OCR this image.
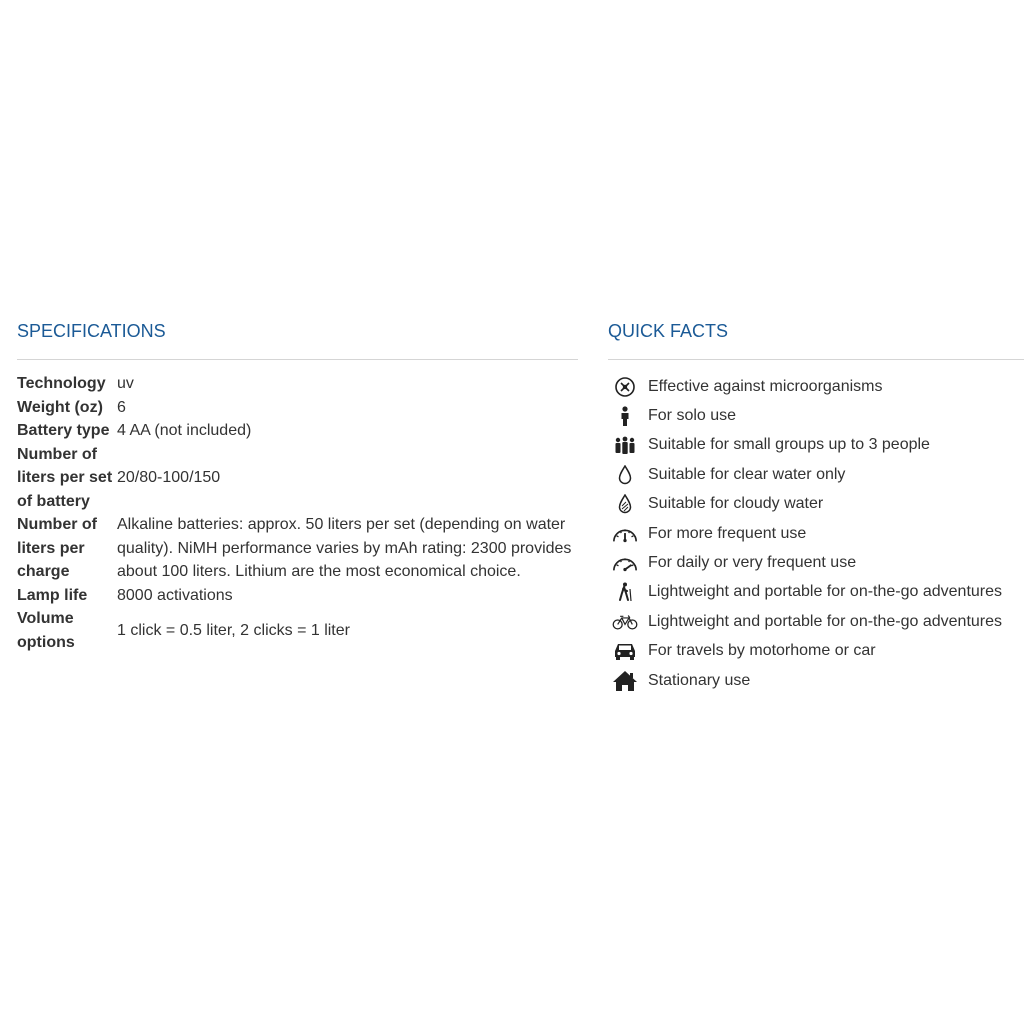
SPECIFICATIONS
Technology	uv
Weight (oz)	6
Battery type	4 AA (not included)
Number of liters per set of battery	20/80-100/150
Number of liters per charge	Alkaline batteries: approx. 50 liters per set (depending on water quality). NiMH performance varies by mAh rating: 2300 provides about 100 liters. Lithium are the most economical choice.
Lamp life	8000 activations
Volume options	1 click = 0.5 liter, 2 clicks = 1 liter
QUICK FACTS
Effective against microorganisms
For solo use
Suitable for small groups up to 3 people
Suitable for clear water only
Suitable for cloudy water
For more frequent use
For daily or very frequent use
Lightweight and portable for on-the-go adventures
Lightweight and portable for on-the-go adventures
For travels by motorhome or car
Stationary use
